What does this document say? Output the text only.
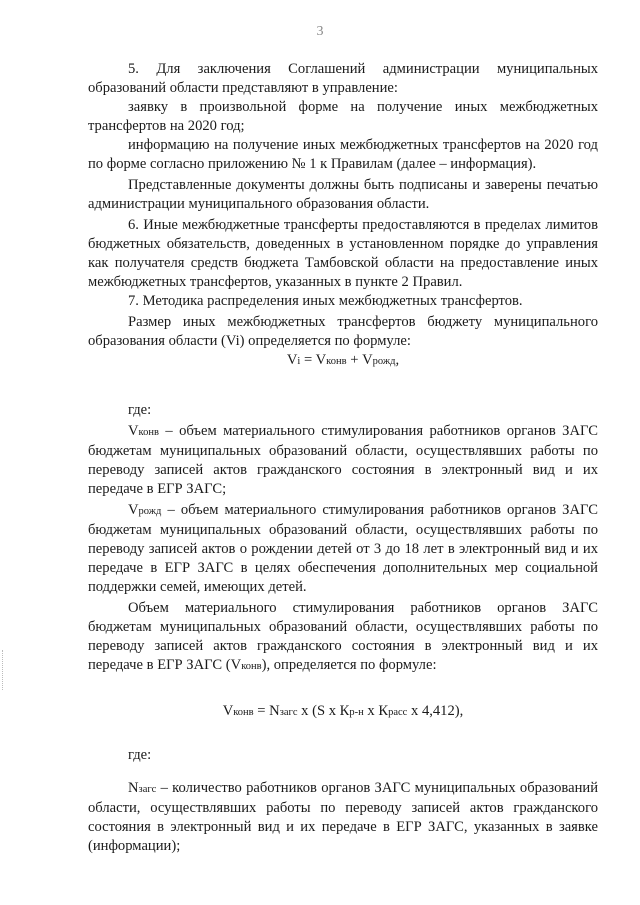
3

5. Для заключения Соглашений администрации муниципальных образований области представляют в управление:

заявку в произвольной форме на получение иных межбюджетных трансфертов на 2020 год;

информацию на получение иных межбюджетных трансфертов на 2020 год по форме согласно приложению № 1 к Правилам (далее – информация).

Представленные документы должны быть подписаны и заверены печатью администрации муниципального образования области.

6. Иные межбюджетные трансферты предоставляются в пределах лимитов бюджетных обязательств, доведенных в установленном порядке до управления как получателя средств бюджета Тамбовской области на предоставление иных межбюджетных трансфертов, указанных в пункте 2 Правил.

7. Методика распределения иных межбюджетных трансфертов.

Размер иных межбюджетных трансфертов бюджету муниципального образования области (Vi) определяется по формуле:

Vi = Vконв + Vрожд,

где:

Vконв – объем материального стимулирования работников органов ЗАГС бюджетам муниципальных образований области, осуществлявших работы по переводу записей актов гражданского состояния в электронный вид и их передаче в ЕГР ЗАГС;

Vрожд – объем материального стимулирования работников органов ЗАГС бюджетам муниципальных образований области, осуществлявших работы по переводу записей актов о рождении детей от 3 до 18 лет в электронный вид и их передаче в ЕГР ЗАГС в целях обеспечения дополнительных мер социальной поддержки семей, имеющих детей.

Объем материального стимулирования работников органов ЗАГС бюджетам муниципальных образований области, осуществлявших работы по переводу записей актов гражданского состояния в электронный вид и их передаче в ЕГР ЗАГС (Vконв), определяется по формуле:

Vконв = Nзагс x (S x Кр-н x Красс x 4,412),

где:

Nзагс – количество работников органов ЗАГС муниципальных образований области, осуществлявших работы по переводу записей актов гражданского состояния в электронный вид и их передаче в ЕГР ЗАГС, указанных в заявке (информации);
